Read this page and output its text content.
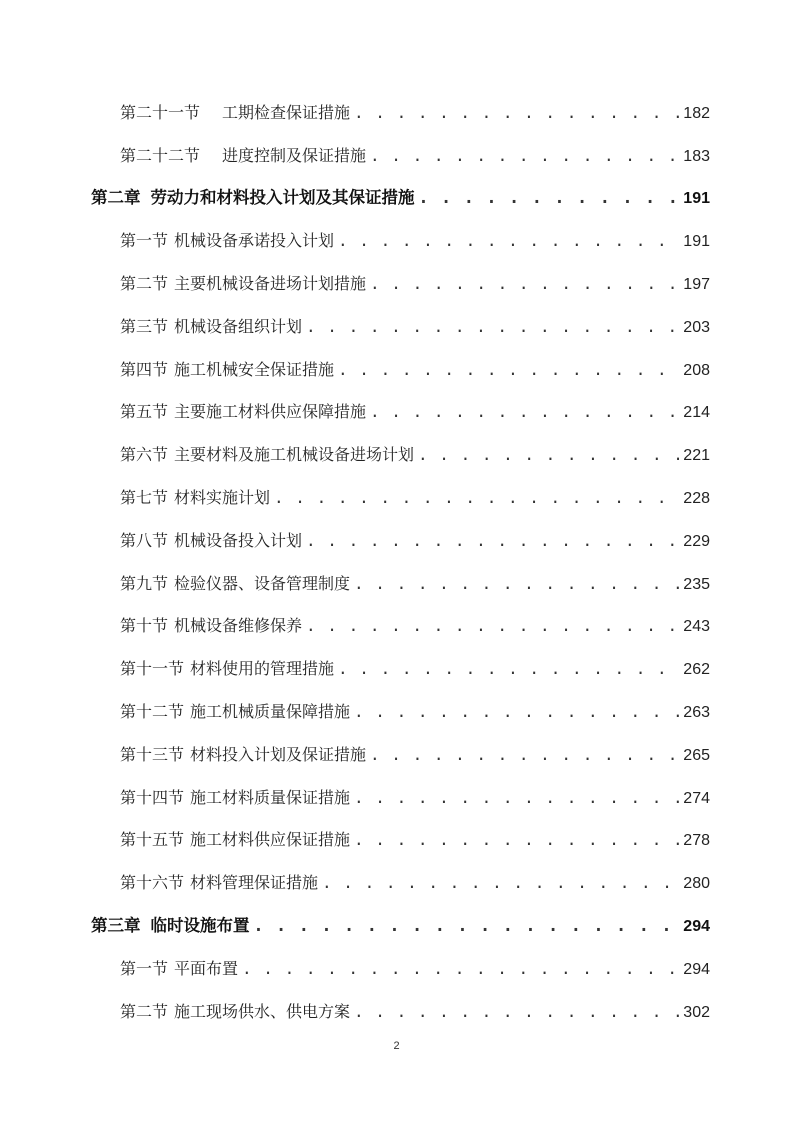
第二十一节 工期检查保证措施 . . .	182
第二十二节 进度控制及保证措施 . . .	183
第二章 劳动力和材料投入计划及其保证措施 . . .	191
第一节 机械设备承诺投入计划 . . .	191
第二节 主要机械设备进场计划措施 . . .	197
第三节 机械设备组织计划 . . .	203
第四节 施工机械安全保证措施 . . .	208
第五节 主要施工材料供应保障措施 . . .	214
第六节 主要材料及施工机械设备进场计划 . . .	221
第七节 材料实施计划 . . .	228
第八节 机械设备投入计划 . . .	229
第九节 检验仪器、设备管理制度 . . .	235
第十节 机械设备维修保养 . . .	243
第十一节 材料使用的管理措施 . . .	262
第十二节 施工机械质量保障措施 . . .	263
第十三节 材料投入计划及保证措施 . . .	265
第十四节 施工材料质量保证措施 . . .	274
第十五节 施工材料供应保证措施 . . .	278
第十六节 材料管理保证措施 . . .	280
第三章 临时设施布置 . . .	294
第一节 平面布置 . . .	294
第二节 施工现场供水、供电方案 . . .	302
2
